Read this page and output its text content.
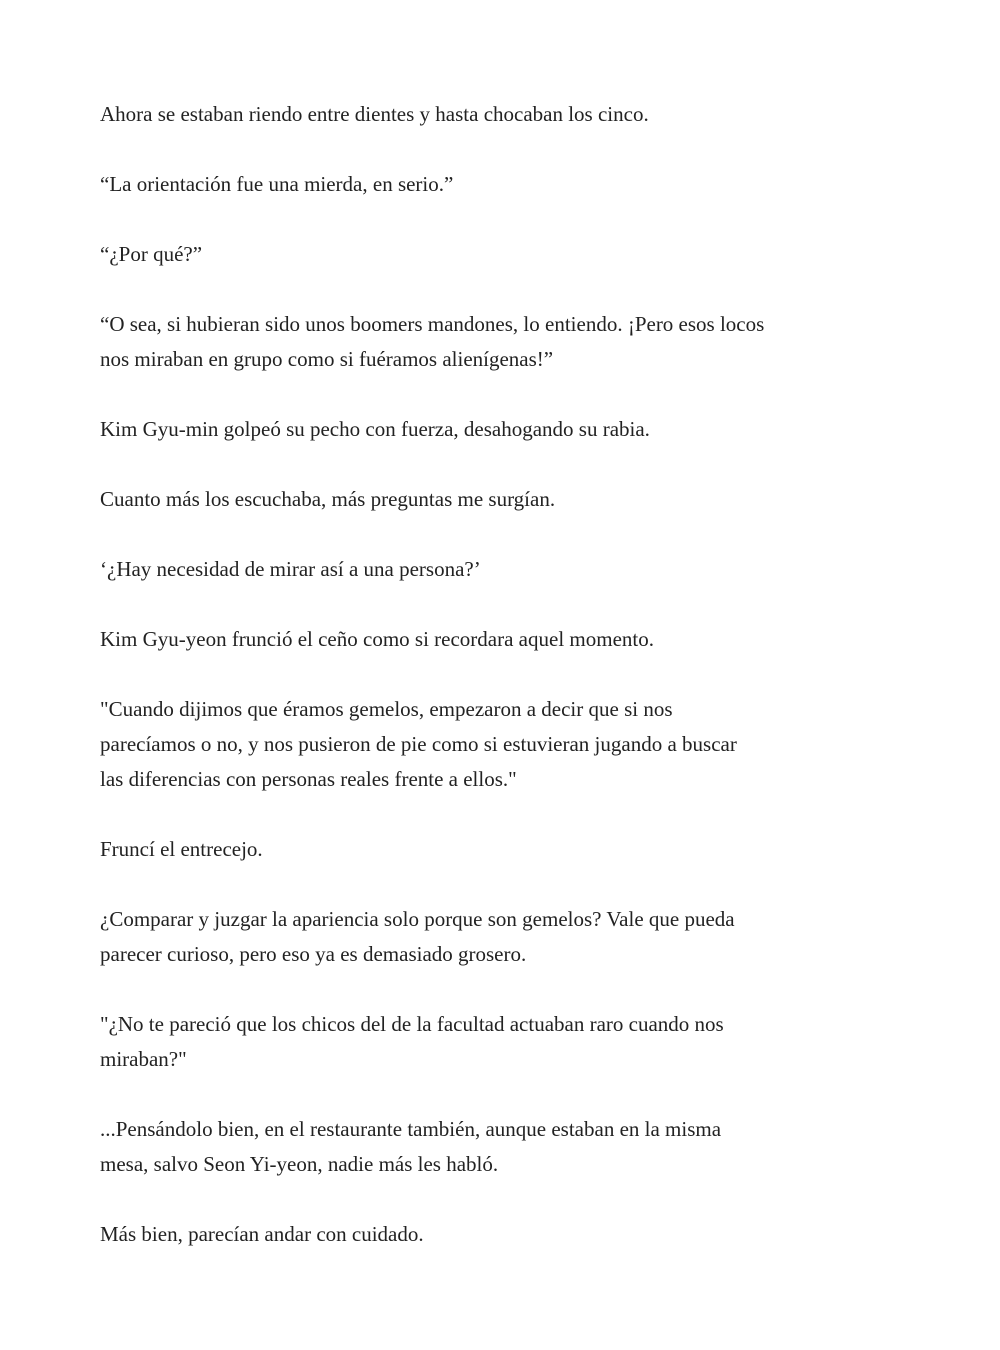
Ahora se estaban riendo entre dientes y hasta chocaban los cinco.

“La orientación fue una mierda, en serio.”

“¿Por qué?”

“O sea, si hubieran sido unos boomers mandones, lo entiendo. ¡Pero esos locos
nos miraban en grupo como si fuéramos alienígenas!”

Kim Gyu-min golpeó su pecho con fuerza, desahogando su rabia.

Cuanto más los escuchaba, más preguntas me surgían.

‘¿Hay necesidad de mirar así a una persona?’

Kim Gyu-yeon frunció el ceño como si recordara aquel momento.

"Cuando dijimos que éramos gemelos, empezaron a decir que si nos
parecíamos o no, y nos pusieron de pie como si estuvieran jugando a buscar
las diferencias con personas reales frente a ellos."

Fruncí el entrecejo.

¿Comparar y juzgar la apariencia solo porque son gemelos? Vale que pueda
parecer curioso, pero eso ya es demasiado grosero.

"¿No te pareció que los chicos del de la facultad actuaban raro cuando nos
miraban?"

...Pensándolo bien, en el restaurante también, aunque estaban en la misma
mesa, salvo Seon Yi-yeon, nadie más les habló.

Más bien, parecían andar con cuidado.
